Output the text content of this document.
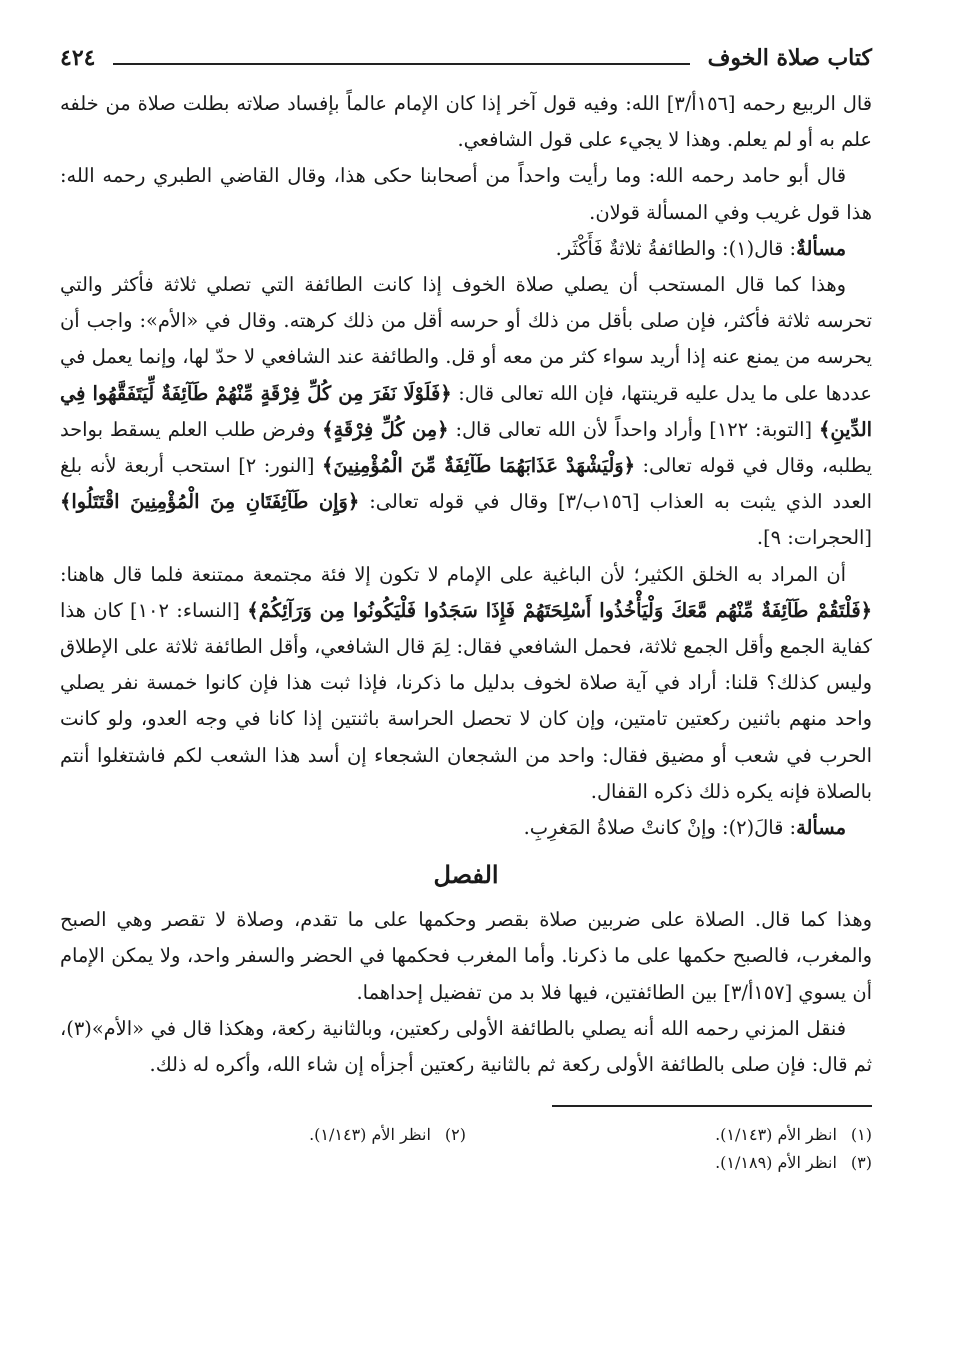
كتاب صلاة الخوف
٤٢٤

قال الربيع رحمه [١٥٦أ/٣] الله: وفيه قول آخر إذا كان الإمام عالماً بإفساد صلاته بطلت صلاة من خلفه علم به أو لم يعلم. وهذا لا يجيء على قول الشافعي.

قال أبو حامد رحمه الله: وما رأيت واحداً من أصحابنا حكى هذا، وقال القاضي الطبري رحمه الله: هذا قول غريب وفي المسألة قولان.

مسألةٌ: قال(١): والطائفةُ ثلاثةٌ فَأَكْثَر.

وهذا كما قال المستحب أن يصلي صلاة الخوف إذا كانت الطائفة التي تصلي ثلاثة فأكثر والتي تحرسه ثلاثة فأكثر، فإن صلى بأقل من ذلك أو حرسه أقل من ذلك كرهته. وقال في «الأم»: واجب أن يحرسه من يمنع عنه إذا أريد سواء كثر من معه أو قل. والطائفة عند الشافعي لا حدّ لها، وإنما يعمل في عددها على ما يدل عليه قرينتها، فإن الله تعالى قال: ﴿فَلَوْلَا نَفَرَ مِن كُلِّ فِرْقَةٍ مِّنْهُمْ طَآئِفَةٌ لِّيَتَفَقَّهُوا فِي الدِّينِ﴾ [التوبة: ١٢٢] وأراد واحداً لأن الله تعالى قال: ﴿مِن كُلِّ فِرْقَةٍ﴾ وفرض طلب العلم يسقط بواحد يطلبه، وقال في قوله تعالى: ﴿وَلْيَشْهَدْ عَذَابَهُمَا طَآئِفَةٌ مِّنَ الْمُؤْمِنِينَ﴾ [النور: ٢] استحب أربعة لأنه بلغ العدد الذي يثبت به العذاب [١٥٦ب/٣] وقال في قوله تعالى: ﴿وَإِن طَآئِفَتَانِ مِنَ الْمُؤْمِنِينَ اقْتَتَلُوا﴾ [الحجرات: ٩].

أن المراد به الخلق الكثير؛ لأن الباغية على الإمام لا تكون إلا فئة مجتمعة ممتنعة فلما قال هاهنا: ﴿فَلْتَقُمْ طَآئِفَةٌ مِّنْهُم مَّعَكَ وَلْيَأْخُذُوا أَسْلِحَتَهُمْ فَإِذَا سَجَدُوا فَلْيَكُونُوا مِن وَرَآئِكُمْ﴾ [النساء: ١٠٢] كان هذا كفاية الجمع وأقل الجمع ثلاثة، فحمل الشافعي فقال: لِمَ قال الشافعي، وأقل الطائفة ثلاثة على الإطلاق وليس كذلك؟ قلنا: أراد في آية صلاة لخوف بدليل ما ذكرنا، فإذا ثبت هذا فإن كانوا خمسة نفر يصلي واحد منهم باثنين ركعتين تامتين، وإن كان لا تحصل الحراسة باثنتين إذا كانا في وجه العدو، ولو كانت الحرب في شعب أو مضيق فقال: واحد من الشجعان الشجعاء إن أسد هذا الشعب لكم فاشتغلوا أنتم بالصلاة فإنه يكره ذلك ذكره القفال.

مسألة: قالَ(٢): وإنْ كانتْ صلاةُ المَغرِبِ.

الفصل

وهذا كما قال. الصلاة على ضربين صلاة بقصر وحكمها على ما تقدم، وصلاة لا تقصر وهي الصبح والمغرب، فالصبح حكمها على ما ذكرنا. وأما المغرب فحكمها في الحضر والسفر واحد، ولا يمكن الإمام أن يسوي [١٥٧أ/٣] بين الطائفتين، فيها فلا بد من تفضيل إحداهما.

فنقل المزني رحمه الله أنه يصلي بالطائفة الأولى ركعتين، وبالثانية ركعة، وهكذا قال في «الأم»(٣)، ثم قال: فإن صلى بالطائفة الأولى ركعة ثم بالثانية ركعتين أجزأه إن شاء الله، وأكره له ذلك.

(١)انظر الأم (١/١٤٣).
(٢)انظر الأم (١/١٤٣).
(٣)انظر الأم (١/١٨٩).
